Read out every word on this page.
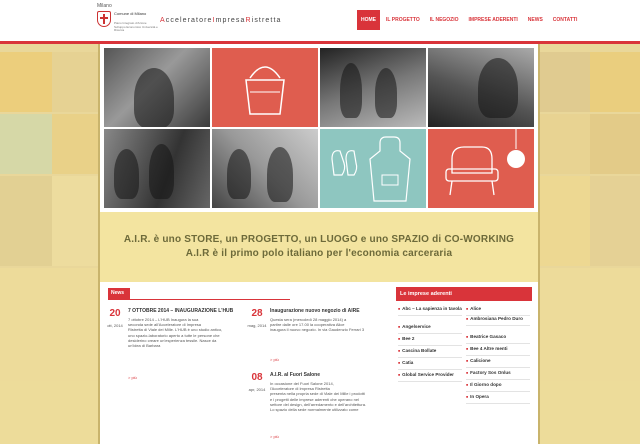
Milano
Comune di Milano
Piano Integrato d'Azione Sviluppo Economico Università e Ricerca
AcceleratoreImpresaRistretta	HOME	IL PROGETTO	IL NEGOZIO	IMPRESE ADERENTI	NEWS	CONTATTI
A.I.R. è uno STORE, un PROGETTO, un LUOGO e uno SPAZIO di CO-WORKING
A.I.R è il primo polo italiano per l'economia carceraria
News
20
ott, 2014
7 OTTOBRE 2014 – INAUGURAZIONE L'HUB
7 ottobre 2014 – L'HUB Inaugura la sua
seconda sede all'Acceleratore di Impresa
Ristretta di Viale dei Mille. L'HUB è uno studio antico,
uno spazio-laboratorio aperto a tutte le persone che
desiderino creare un'esperienza tessile. Nasce da
un'idea di Barbara
> più
28
mag, 2014
Inaugurazione nuovo negozio di AIRE
Questa sera (mercoledì 28 maggio 2014) a
partire dalle ore 17.00 la cooperativa Alice
inaugura il nuovo negozio. In via Gaudenzio Ferrari 3
> più
08
apr, 2014
A.I.R. al Fuori Salone
In occasione del Fuori Salone 2014,
l'Acceleratore di Impresa Ristretta
presenta nella propria sede di Viale dei Mille i prodotti
e i progetti delle imprese aderenti che operano nel
settore del design, dell'arredamento e dell'architettura.
Lo spazio della sede normalmente utilizzato come
> più
Le imprese aderenti
■ Abc – La sapienza in tavola
■ Angelservice
■ Bee 2
■ Cascina Bollate
■ Catia
■ Global Service Provider
■ Alice
■ Ambrosiana Pedro Duro
■ Beatrice Gasaco
■ Bee 4 Altre menti
■ Calicione
■ Factory Sos Onlus
■ Il Giorno dopo
■ In Opera
